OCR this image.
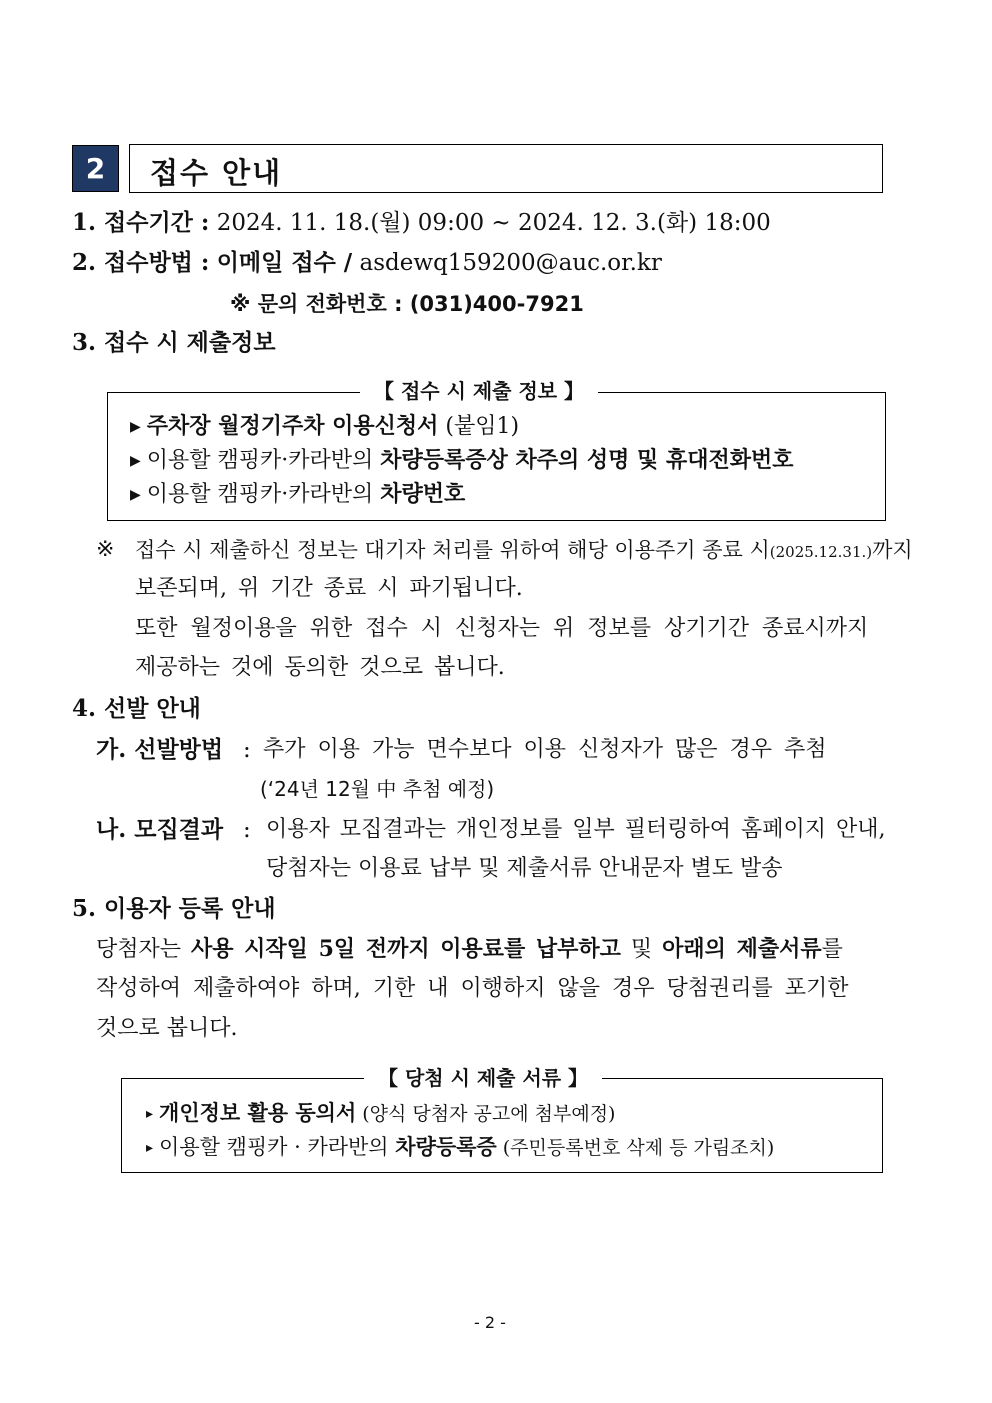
2 접수 안내
1. 접수기간 : 2024. 11. 18.(월) 09:00 ~ 2024. 12. 3.(화) 18:00
2. 접수방법 : 이메일 접수 / asdewq159200@auc.or.kr
※ 문의 전화번호 : (031)400-7921
3. 접수 시 제출정보
【 접수 시 제출 정보 】
▶ 주차장 월정기주차 이용신청서 (붙임1)
▶ 이용할 캠핑카·카라반의 차량등록증상 차주의 성명 및 휴대전화번호
▶ 이용할 캠핑카·카라반의 차량번호
※ 접수 시 제출하신 정보는 대기자 처리를 위하여 해당 이용주기 종료 시(2025.12.31.)까지
보존되며, 위 기간 종료 시 파기됩니다.
또한 월정이용을 위한 접수 시 신청자는 위 정보를 상기기간 종료시까지
제공하는 것에 동의한 것으로 봅니다.
4. 선발 안내
가. 선발방법 : 추가 이용 가능 면수보다 이용 신청자가 많은 경우 추첨
(‘24년 12월 中 추첨 예정)
나. 모집결과 : 이용자 모집결과는 개인정보를 일부 필터링하여 홈페이지 안내,
당첨자는 이용료 납부 및 제출서류 안내문자 별도 발송
5. 이용자 등록 안내
당첨자는 사용 시작일 5일 전까지 이용료를 납부하고 및 아래의 제출서류를
작성하여 제출하여야 하며, 기한 내 이행하지 않을 경우 당첨권리를 포기한
것으로 봅니다.
【 당첨 시 제출 서류 】
▸ 개인정보 활용 동의서 (양식 당첨자 공고에 첨부예정)
▸ 이용할 캠핑카 · 카라반의 차량등록증 (주민등록번호 삭제 등 가림조치)
- 2 -
